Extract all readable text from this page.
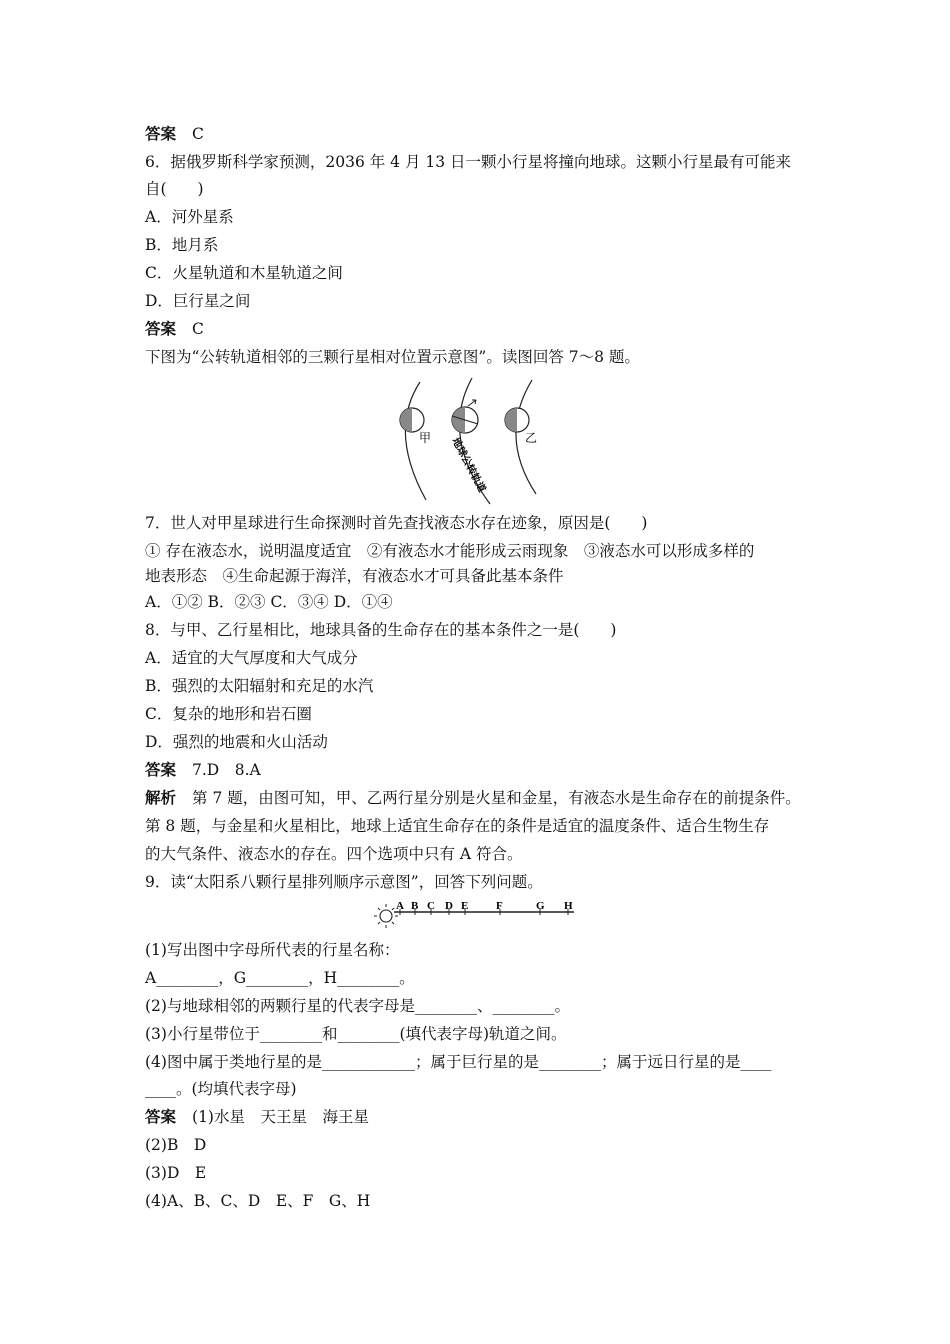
答案 C
6．据俄罗斯科学家预测，2036 年 4 月 13 日一颗小行星将撞向地球。这颗小行星最有可能来
自(　　)
A．河外星系
B．地月系
C．火星轨道和木星轨道之间
D．巨行星之间
答案 C
下图为“公转轨道相邻的三颗行星相对位置示意图”。读图回答 7～8 题。
甲	乙
地球公转轨道
7．世人对甲星球进行生命探测时首先查找液态水存在迹象，原因是(　　)
① 存在液态水，说明温度适宜　②有液态水才能形成云雨现象　③液态水可以形成多样的
地表形态　④生命起源于海洋，有液态水才可具备此基本条件
A．①② B．②③ C．③④ D．①④
8．与甲、乙行星相比，地球具备的生命存在的基本条件之一是(　　)
A．适宜的大气厚度和大气成分
B．强烈的太阳辐射和充足的水汽
C．复杂的地形和岩石圈
D．强烈的地震和火山活动
答案 7.D　8.A
解析 第 7 题，由图可知，甲、乙两行星分别是火星和金星，有液态水是生命存在的前提条件。
第 8 题，与金星和火星相比，地球上适宜生命存在的条件是适宜的温度条件、适合生物生存
的大气条件、液态水的存在。四个选项中只有 A 符合。
9．读“太阳系八颗行星排列顺序示意图”，回答下列问题。
A B C D E	F	G H
(1)写出图中字母所代表的行星名称：
A________，G________，H________。
(2)与地球相邻的两颗行星的代表字母是________、________。
(3)小行星带位于________和________(填代表字母)轨道之间。
(4)图中属于类地行星的是____________；属于巨行星的是________；属于远日行星的是____
____。(均填代表字母)
答案 (1)水星　天王星　海王星
(2)B　D
(3)D　E
(4)A、B、C、D　E、F　G、H
